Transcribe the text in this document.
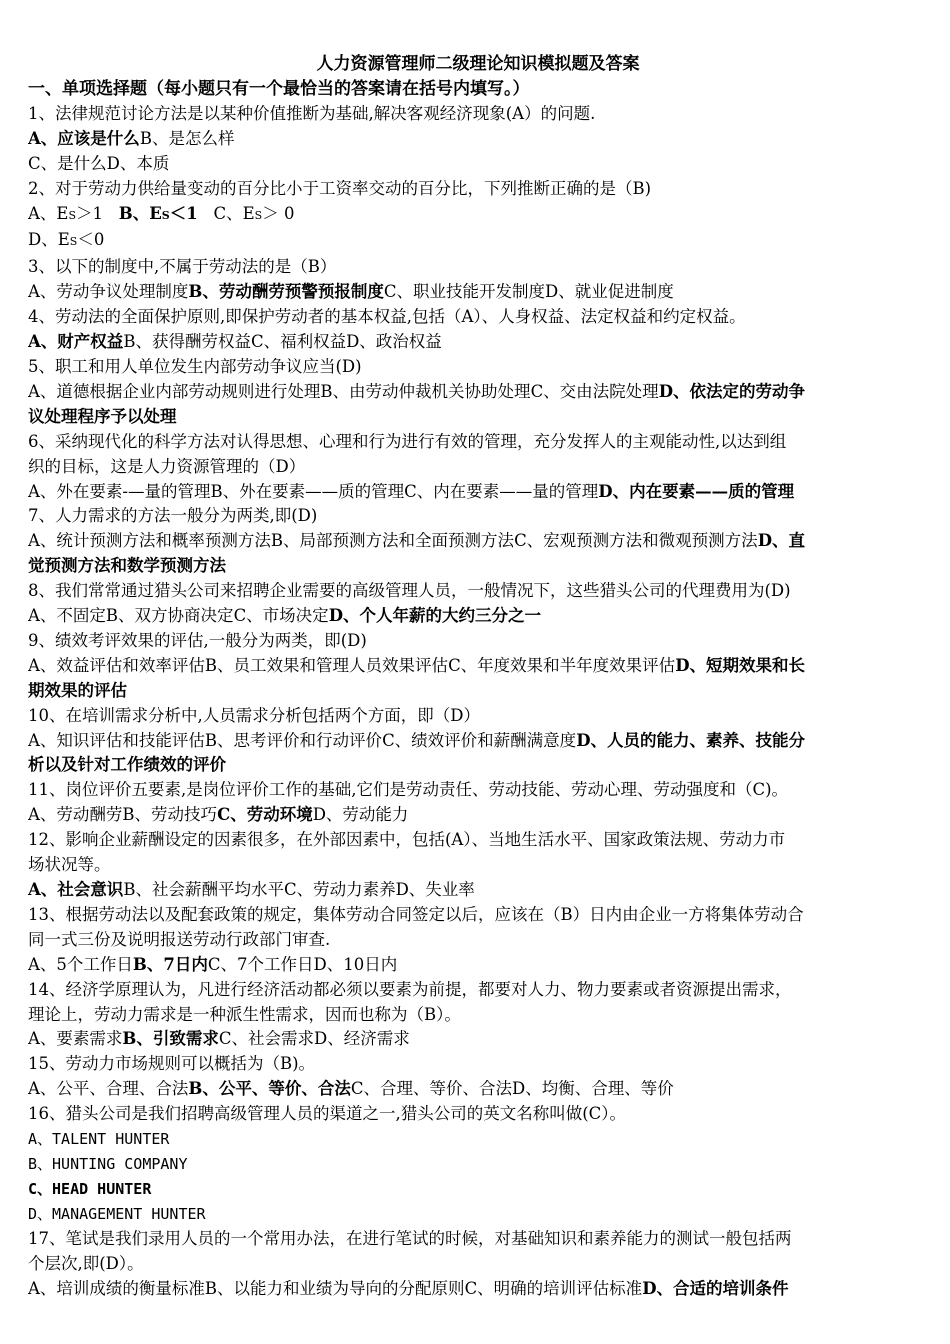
人力资源管理师二级理论知识模拟题及答案
一、单项选择题（每小题只有一个最恰当的答案请在括号内填写。）
1、法律规范讨论方法是以某种价值推断为基础,解决客观经济现象(A）的问题.
A、应该是什么B、是怎么样
C、是什么D、本质
2、对于劳动力供给量变动的百分比小于工资率交动的百分比，下列推断正确的是（B)
A、ES＞1 B、ES＜1 C、ES＞ 0
D、ES＜0
3、以下的制度中,不属于劳动法的是（B）
A、劳动争议处理制度B、劳动酬劳预警预报制度C、职业技能开发制度D、就业促进制度
4、劳动法的全面保护原则,即保护劳动者的基本权益,包括（A）、人身权益、法定权益和约定权益。
A、财产权益B、获得酬劳权益C、福利权益D、政治权益
5、职工和用人单位发生内部劳动争议应当(D)
A、道德根据企业内部劳动规则进行处理B、由劳动仲裁机关协助处理C、交由法院处理D、依法定的劳动争
议处理程序予以处理
6、采纳现代化的科学方法对认得思想、心理和行为进行有效的管理，充分发挥人的主观能动性,以达到组
织的目标，这是人力资源管理的（D）
A、外在要素-—量的管理B、外在要素——质的管理C、内在要素——量的管理D、内在要素——质的管理
7、人力需求的方法一般分为两类,即(D)
A、统计预测方法和概率预测方法B、局部预测方法和全面预测方法C、宏观预测方法和微观预测方法D、直
觉预测方法和数学预测方法
8、我们常常通过猎头公司来招聘企业需要的高级管理人员，一般情况下，这些猎头公司的代理费用为(D)
A、不固定B、双方协商决定C、市场决定D、个人年薪的大约三分之一
9、绩效考评效果的评估,一般分为两类，即(D)
A、效益评估和效率评估B、员工效果和管理人员效果评估C、年度效果和半年度效果评估D、短期效果和长
期效果的评估
10、在培训需求分析中,人员需求分析包括两个方面，即（D）
A、知识评估和技能评估B、思考评价和行动评价C、绩效评价和薪酬满意度D、人员的能力、素养、技能分
析以及针对工作绩效的评价
11、岗位评价五要素,是岗位评价工作的基础,它们是劳动责任、劳动技能、劳动心理、劳动强度和（C)。
A、劳动酬劳B、劳动技巧C、劳动环境D、劳动能力
12、影响企业薪酬设定的因素很多，在外部因素中，包括(A）、当地生活水平、国家政策法规、劳动力市
场状况等。
A、社会意识B、社会薪酬平均水平C、劳动力素养D、失业率
13、根据劳动法以及配套政策的规定，集体劳动合同签定以后，应该在（B）日内由企业一方将集体劳动合
同一式三份及说明报送劳动行政部门审查.
A、5个工作日B、7日内C、7个工作日D、10日内
14、经济学原理认为，凡进行经济活动都必须以要素为前提，都要对人力、物力要素或者资源提出需求，
理论上，劳动力需求是一种派生性需求，因而也称为（B）。
A、要素需求B、引致需求C、社会需求D、经济需求
15、劳动力市场规则可以概括为（B)。
A、公平、合理、合法B、公平、等价、合法C、合理、等价、合法D、均衡、合理、等价
16、猎头公司是我们招聘高级管理人员的渠道之一,猎头公司的英文名称叫做(C）。
A、TALENT HUNTER
B、HUNTING COMPANY
C、HEAD HUNTER
D、MANAGEMENT HUNTER
17、笔试是我们录用人员的一个常用办法，在进行笔试的时候，对基础知识和素养能力的测试一般包括两
个层次,即(D）。
A、培训成绩的衡量标准B、以能力和业绩为导向的分配原则C、明确的培训评估标准D、合适的培训条件
